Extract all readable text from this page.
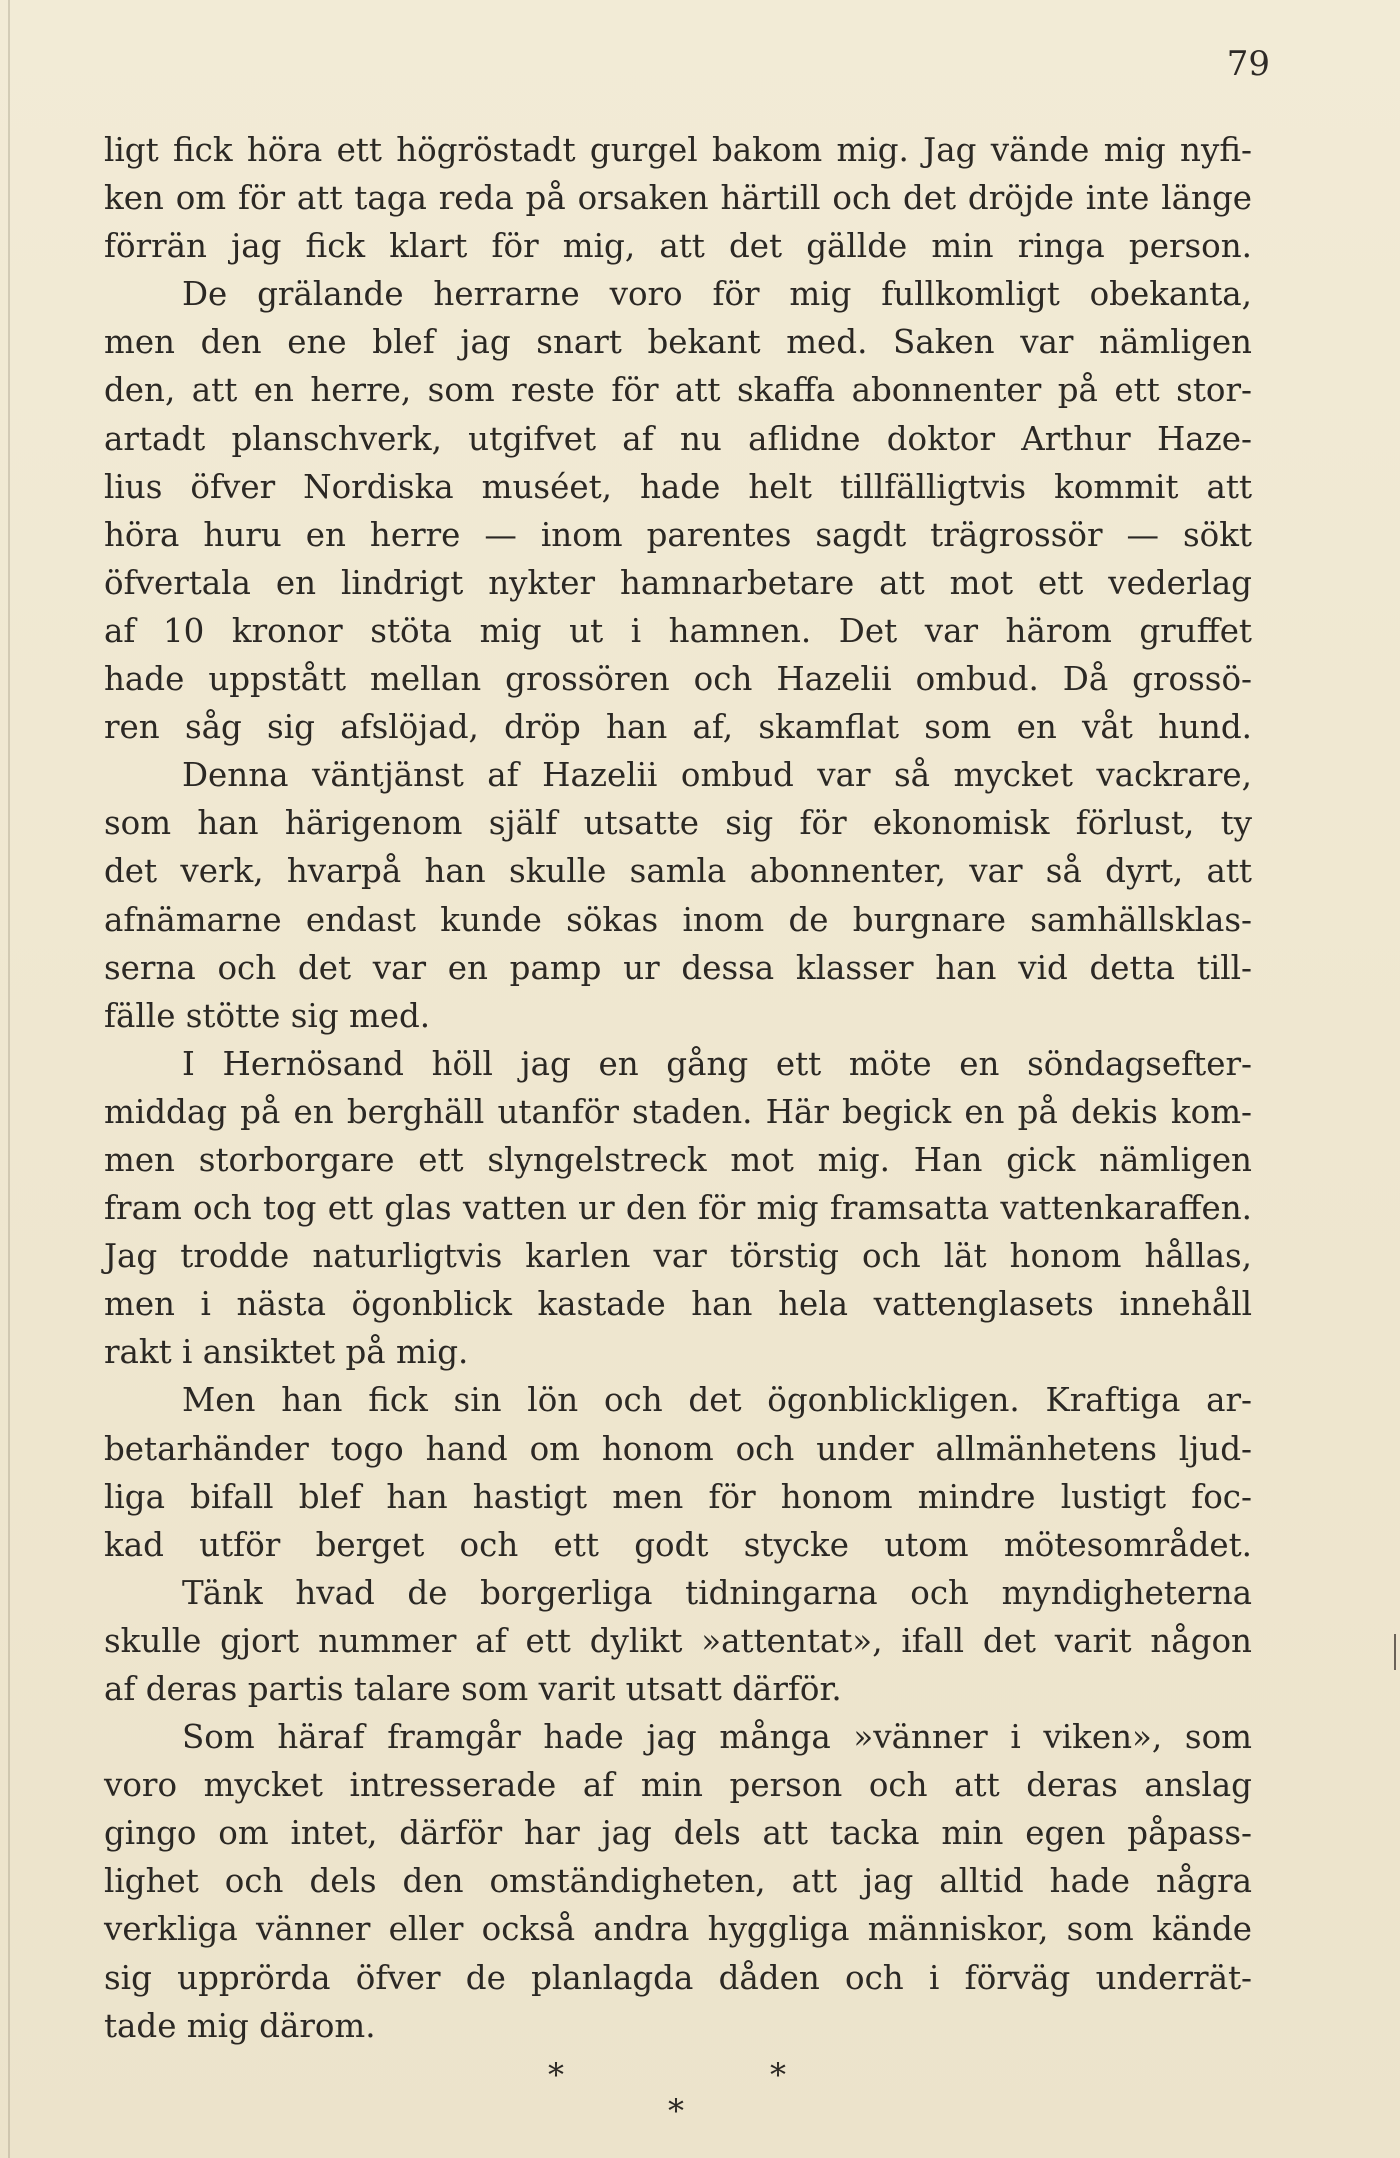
79
ligt fick höra ett högröstadt gurgel bakom mig. Jag vände mig nyfi-
ken om för att taga reda på orsaken härtill och det dröjde inte länge
förrän jag fick klart för mig, att det gällde min ringa person.
De grälande herrarne voro för mig fullkomligt obekanta,
men den ene blef jag snart bekant med. Saken var nämligen
den, att en herre, som reste för att skaffa abonnenter på ett stor-
artadt planschverk, utgifvet af nu aflidne doktor Arthur Haze-
lius öfver Nordiska muséet, hade helt tillfälligtvis kommit att
höra huru en herre — inom parentes sagdt trägrossör — sökt
öfvertala en lindrigt nykter hamnarbetare att mot ett vederlag
af 10 kronor stöta mig ut i hamnen. Det var härom gruffet
hade uppstått mellan grossören och Hazelii ombud. Då grossö-
ren såg sig afslöjad, dröp han af, skamflat som en våt hund.
Denna väntjänst af Hazelii ombud var så mycket vackrare,
som han härigenom själf utsatte sig för ekonomisk förlust, ty
det verk, hvarpå han skulle samla abonnenter, var så dyrt, att
afnämarne endast kunde sökas inom de burgnare samhällsklas-
serna och det var en pamp ur dessa klasser han vid detta till-
fälle stötte sig med.
I Hernösand höll jag en gång ett möte en söndagsefter-
middag på en berghäll utanför staden. Här begick en på dekis kom-
men storborgare ett slyngelstreck mot mig. Han gick nämligen
fram och tog ett glas vatten ur den för mig framsatta vattenkaraffen.
Jag trodde naturligtvis karlen var törstig och lät honom hållas,
men i nästa ögonblick kastade han hela vattenglasets innehåll
rakt i ansiktet på mig.
Men han fick sin lön och det ögonblickligen. Kraftiga ar-
betarhänder togo hand om honom och under allmänhetens ljud-
liga bifall blef han hastigt men för honom mindre lustigt foc-
kad utför berget och ett godt stycke utom mötesområdet.
Tänk hvad de borgerliga tidningarna och myndigheterna
skulle gjort nummer af ett dylikt »attentat», ifall det varit någon
af deras partis talare som varit utsatt därför.
Som häraf framgår hade jag många »vänner i viken», som
voro mycket intresserade af min person och att deras anslag
gingo om intet, därför har jag dels att tacka min egen påpass-
lighet och dels den omständigheten, att jag alltid hade några
verkliga vänner eller också andra hyggliga människor, som kände
sig upprörda öfver de planlagda dåden och i förväg underrät-
tade mig därom.
*	*
*
